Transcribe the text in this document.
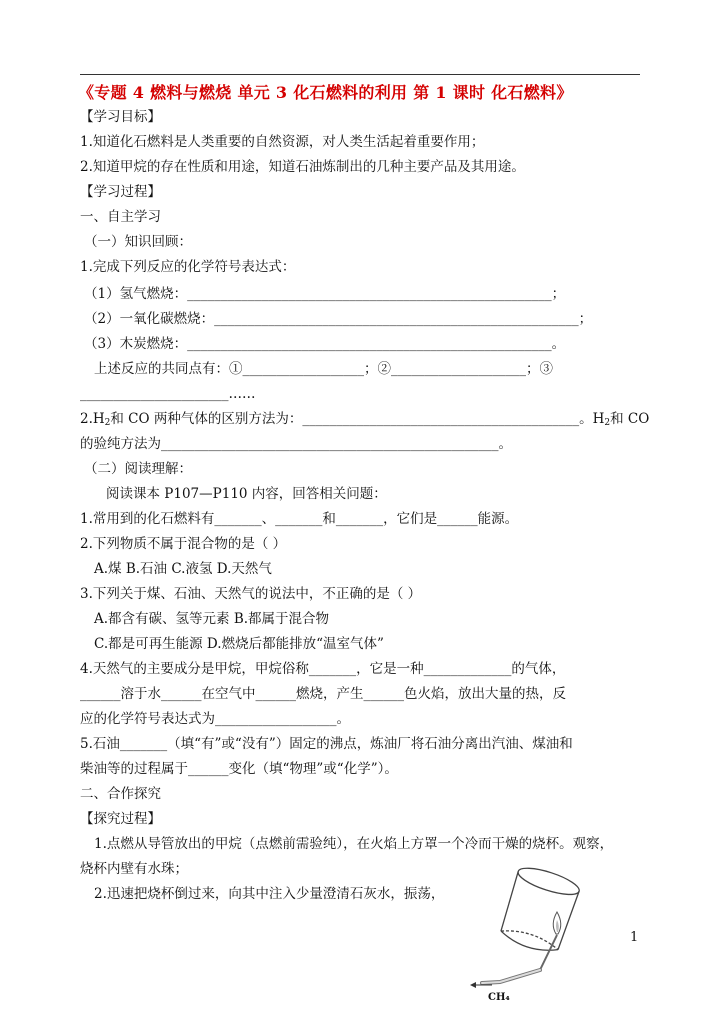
《专题 4 燃料与燃烧 单元 3 化石燃料的利用 第 1 课时 化石燃料》
【学习目标】
1.知道化石燃料是人类重要的自然资源，对人类生活起着重要作用；
2.知道甲烷的存在性质和用途，知道石油炼制出的几种主要产品及其用途。
【学习过程】
一、自主学习
（一）知识回顾：
1.完成下列反应的化学符号表达式：
（1）氢气燃烧：______________________________________________________；
（2）一氧化碳燃烧：______________________________________________________；
（3）木炭燃烧：______________________________________________________。
上述反应的共同点有：①__________________；②____________________；③
______________________……
$2.H_2$和 CO 两种气体的区别方法为：_________________________________________。$H_2$和 CO
的验纯方法为__________________________________________________。
（二）阅读理解：
阅读课本 P107—P110 内容，回答相关问题：
1.常用到的化石燃料有_______、_______和_______，它们是______能源。
2.下列物质不属于混合物的是（ ）
A.煤 B.石油 C.液氢 D.天然气
3.下列关于煤、石油、天然气的说法中，不正确的是（ ）
A.都含有碳、氢等元素 B.都属于混合物
C.都是可再生能源 D.燃烧后都能排放“温室气体”
4.天然气的主要成分是甲烷，甲烷俗称_______，它是一种_____________的气体，
______溶于水______在空气中______燃烧，产生______色火焰，放出大量的热，反
应的化学符号表达式为__________________。
5.石油_______（填“有”或“没有”）固定的沸点，炼油厂将石油分离出汽油、煤油和
柴油等的过程属于______变化（填“物理”或“化学”）。
二、合作探究
【探究过程】
1.点燃从导管放出的甲烷（点燃前需验纯），在火焰上方罩一个冷而干燥的烧杯。观察，
烧杯内壁有水珠；
2.迅速把烧杯倒过来，向其中注入少量澄清石灰水，振荡，
CH₄
1
